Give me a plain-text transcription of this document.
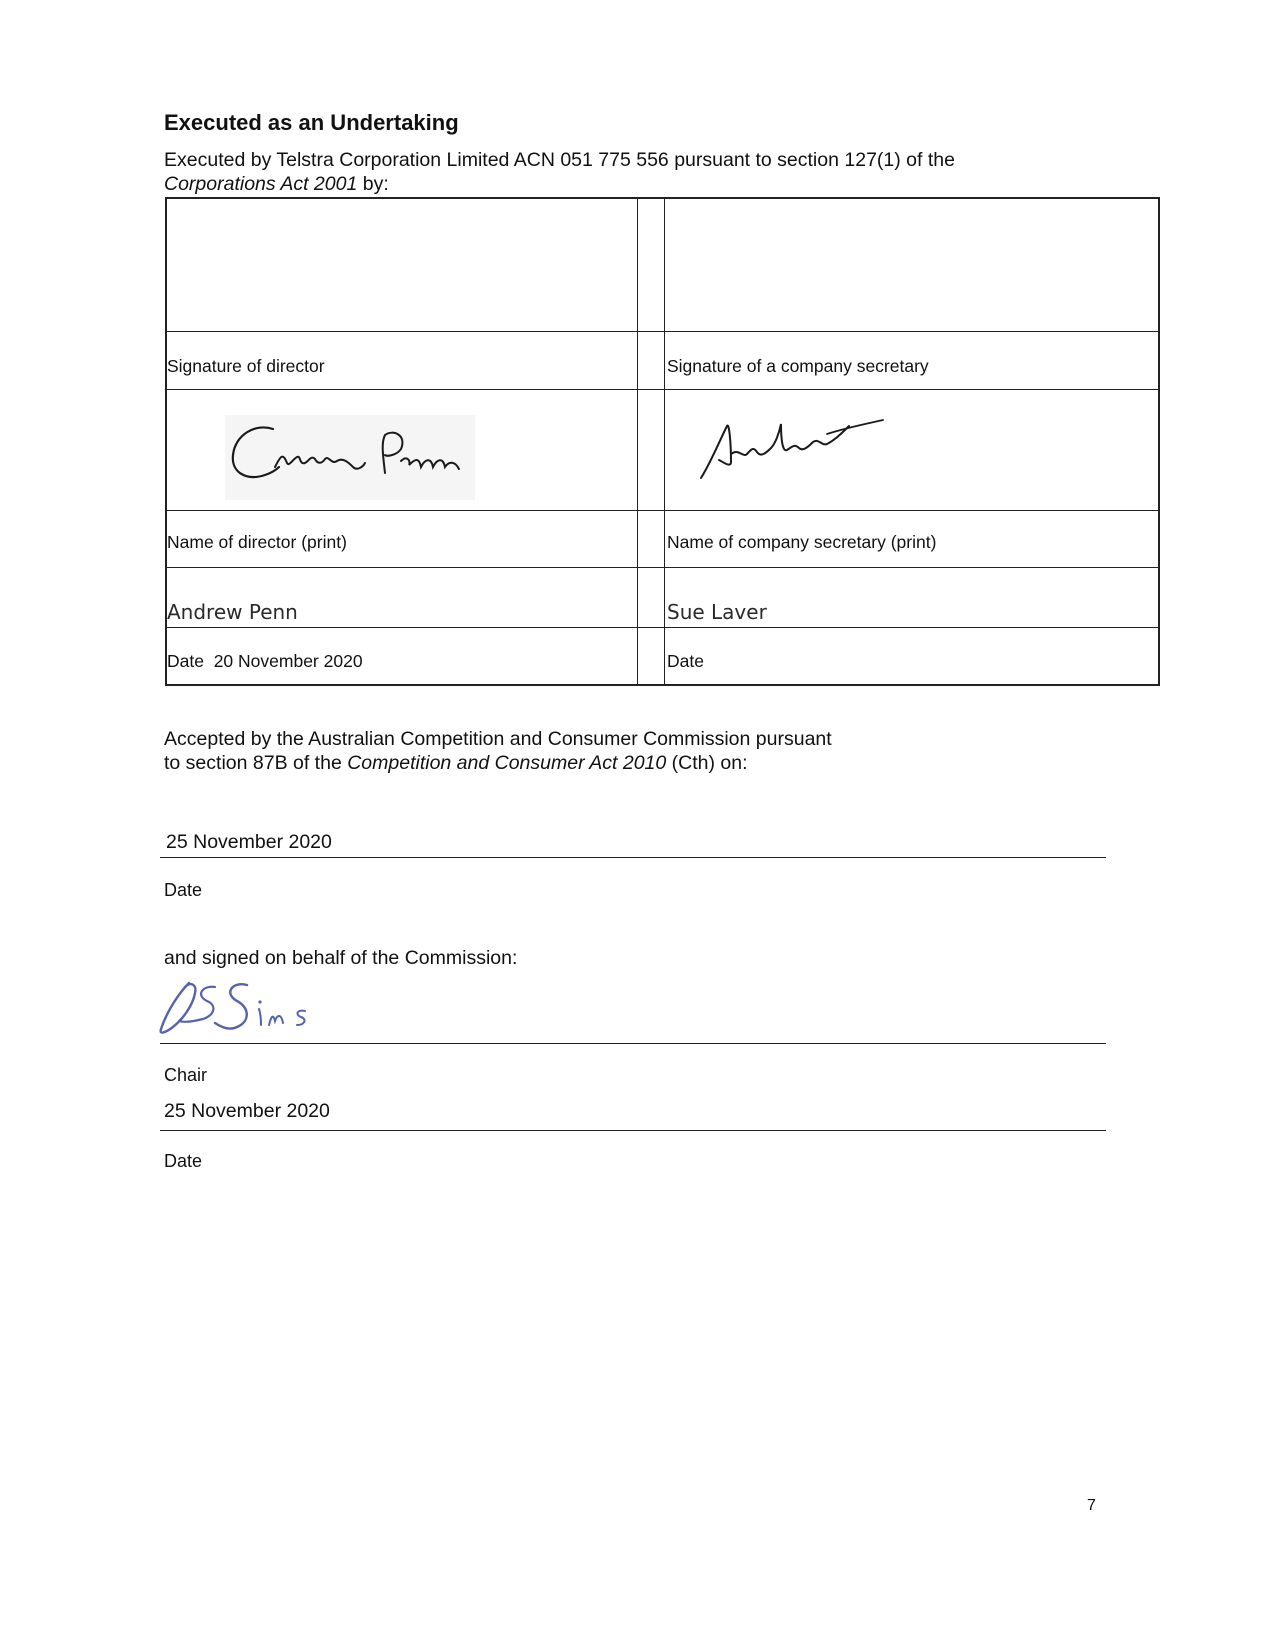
Executed as an Undertaking
Executed by Telstra Corporation Limited ACN 051 775 556 pursuant to section 127(1) of the
Corporations Act 2001 by:
Signature of director	Signature of a company secretary
Name of director (print)	Name of company secretary (print)
Andrew Penn	Sue Laver
Date 20 November 2020	Date
Accepted by the Australian Competition and Consumer Commission pursuant
to section 87B of the Competition and Consumer Act 2010 (Cth) on:
25 November 2020
Date
and signed on behalf of the Commission:
Chair
25 November 2020
Date
7
